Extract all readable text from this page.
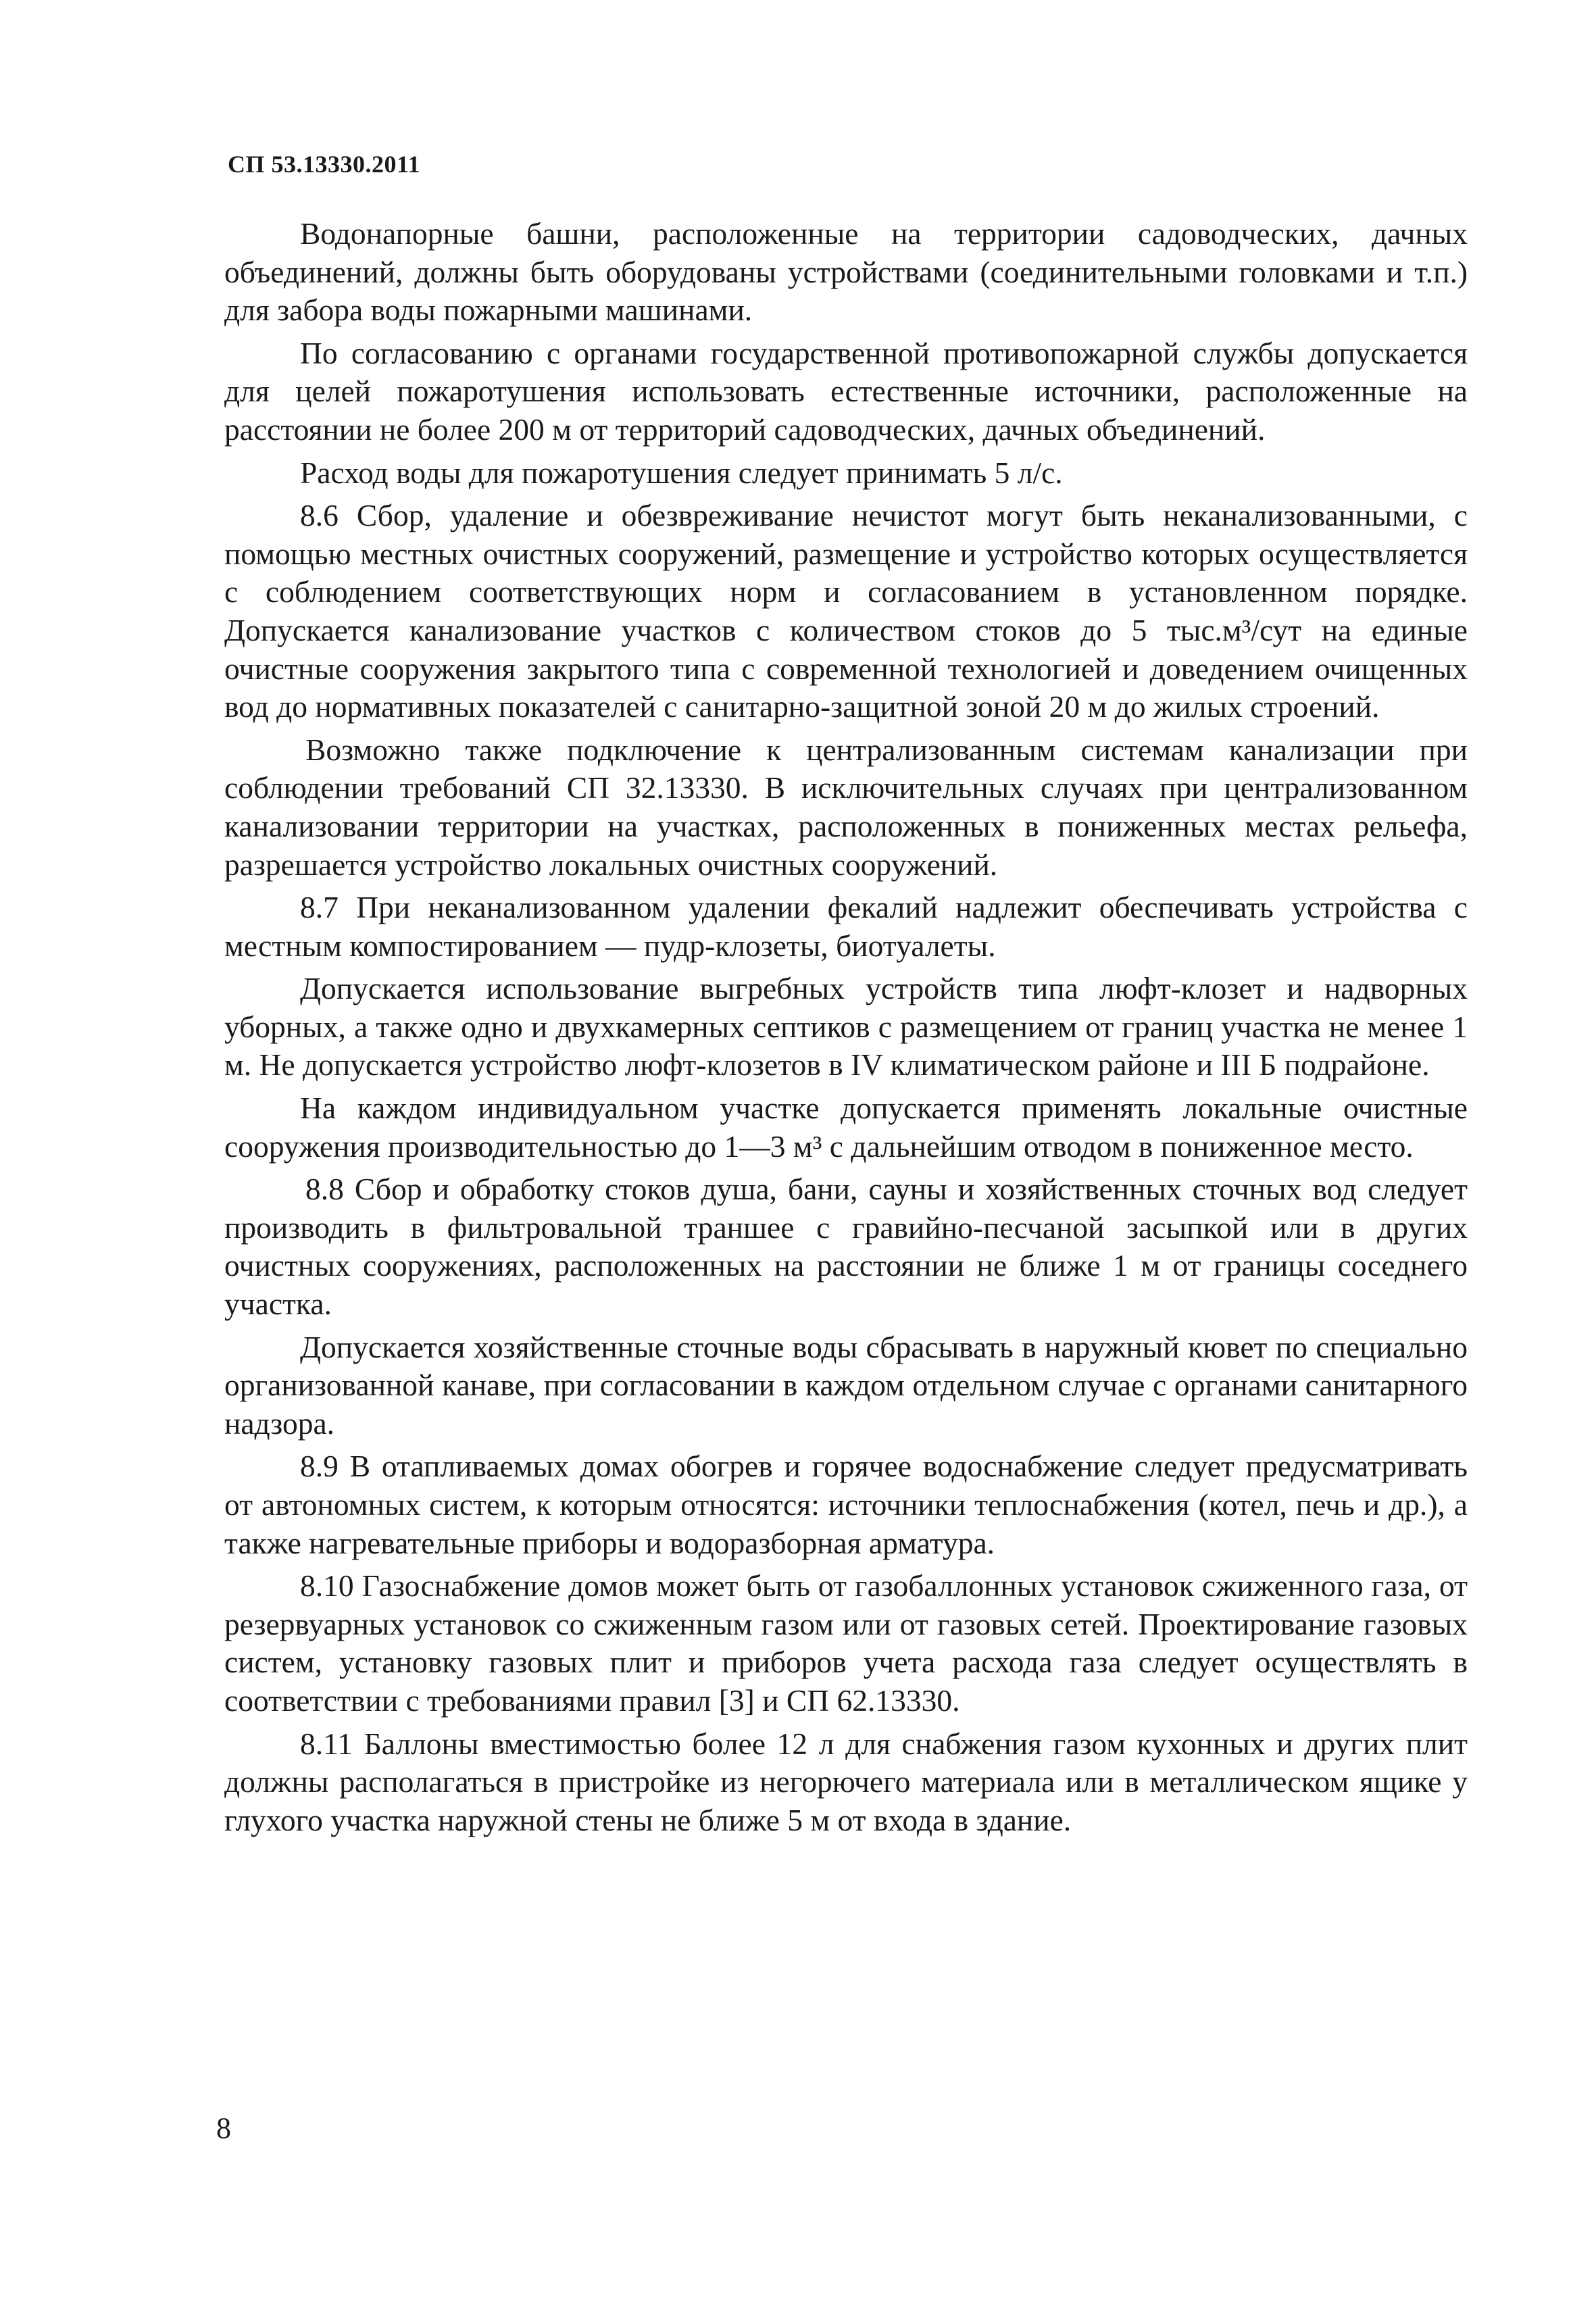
СП 53.13330.2011

Водонапорные башни, расположенные на территории садоводческих, дачных объединений, должны быть оборудованы устройствами (соединительными головками и т.п.) для забора воды пожарными машинами.

По согласованию с органами государственной противопожарной службы допускается для целей пожаротушения использовать естественные источники, расположенные на расстоянии не более 200 м от территорий садоводческих, дачных объединений.

Расход воды для пожаротушения следует принимать 5 л/с.

8.6 Сбор, удаление и обезвреживание нечистот могут быть неканализованными, с помощью местных очистных сооружений, размещение и устройство которых осуществляется с соблюдением соответствующих норм и согласованием в установленном порядке. Допускается канализование участков с количеством стоков до 5 тыс.м³/сут на единые очистные сооружения закрытого типа с современной технологией и доведением очищенных вод до нормативных показателей с санитарно-защитной зоной 20 м до жилых строений.

Возможно также подключение к централизованным системам канализации при соблюдении требований СП 32.13330. В исключительных случаях при централизованном канализовании территории на участках, расположенных в пониженных местах рельефа, разрешается устройство локальных очистных сооружений.

8.7 При неканализованном удалении фекалий надлежит обеспечивать устройства с местным компостированием — пудр-клозеты, биотуалеты.

Допускается использование выгребных устройств типа люфт-клозет и надворных уборных, а также одно и двухкамерных септиков с размещением от границ участка не менее 1 м. Не допускается устройство люфт-клозетов в IV климатическом районе и III Б подрайоне.

На каждом индивидуальном участке допускается применять локальные очистные сооружения производительностью до 1—3 м³ с дальнейшим отводом в пониженное место.

8.8 Сбор и обработку стоков душа, бани, сауны и хозяйственных сточных вод следует производить в фильтровальной траншее с гравийно-песчаной засыпкой или в других очистных сооружениях, расположенных на расстоянии не ближе 1 м от границы соседнего участка.

Допускается хозяйственные сточные воды сбрасывать в наружный кювет по специально организованной канаве, при согласовании в каждом отдельном случае с органами санитарного надзора.

8.9 В отапливаемых домах обогрев и горячее водоснабжение следует предусматривать от автономных систем, к которым относятся: источники теплоснабжения (котел, печь и др.), а также нагревательные приборы и водоразборная арматура.

8.10 Газоснабжение домов может быть от газобаллонных установок сжиженного газа, от резервуарных установок со сжиженным газом или от газовых сетей. Проектирование газовых систем, установку газовых плит и приборов учета расхода газа следует осуществлять в соответствии с требованиями правил [3] и СП 62.13330.

8.11 Баллоны вместимостью более 12 л для снабжения газом кухонных и других плит должны располагаться в пристройке из негорючего материала или в металлическом ящике у глухого участка наружной стены не ближе 5 м от входа в здание.

8
